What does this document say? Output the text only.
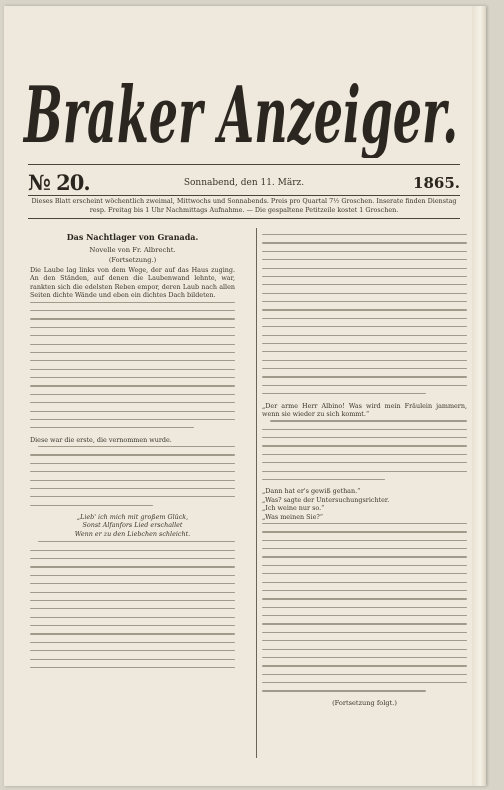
Braker Anzeiger.
№ 20.	Sonnabend, den 11. März.	1865.
Dieses Blatt erscheint wöchentlich zweimal, Mittwochs und Sonnabends. Preis pro Quartal 7½ Groschen. Inserate finden Dienstag resp. Freitag bis 1 Uhr Nachmittags Aufnahme. — Die gespaltene Petitzeile kostet 1 Groschen.
Das Nachtlager von Granada.
Novelle von Fr. Albrecht.
(Fortsetzung.)

Die Laube lag links von dem Wege, der auf das Haus zuging. An den Ständen, auf denen die Laubenwand lehnte, war, rankten sich die edelsten Reben empor, deren Laub nach allen Seiten dichte Wände und eben ein dichtes Dach bildeten.

Diese war die erste, die vernommen wurde.

„Lieb' ich mich mit großem Glück,
Sonst Alfanfors Lied erschallet
Wenn er zu den Liebchen schleicht.

„Der arme Herr Albino! Was wird mein Fräulein jammern, wenn sie wieder zu sich kommt.“

„Dann hat er's gewiß gethan.“

„Was? sagte der Untersuchungsrichter.

„Ich weine nur so.“

„Was meinen Sie?“

(Fortsetzung folgt.)
